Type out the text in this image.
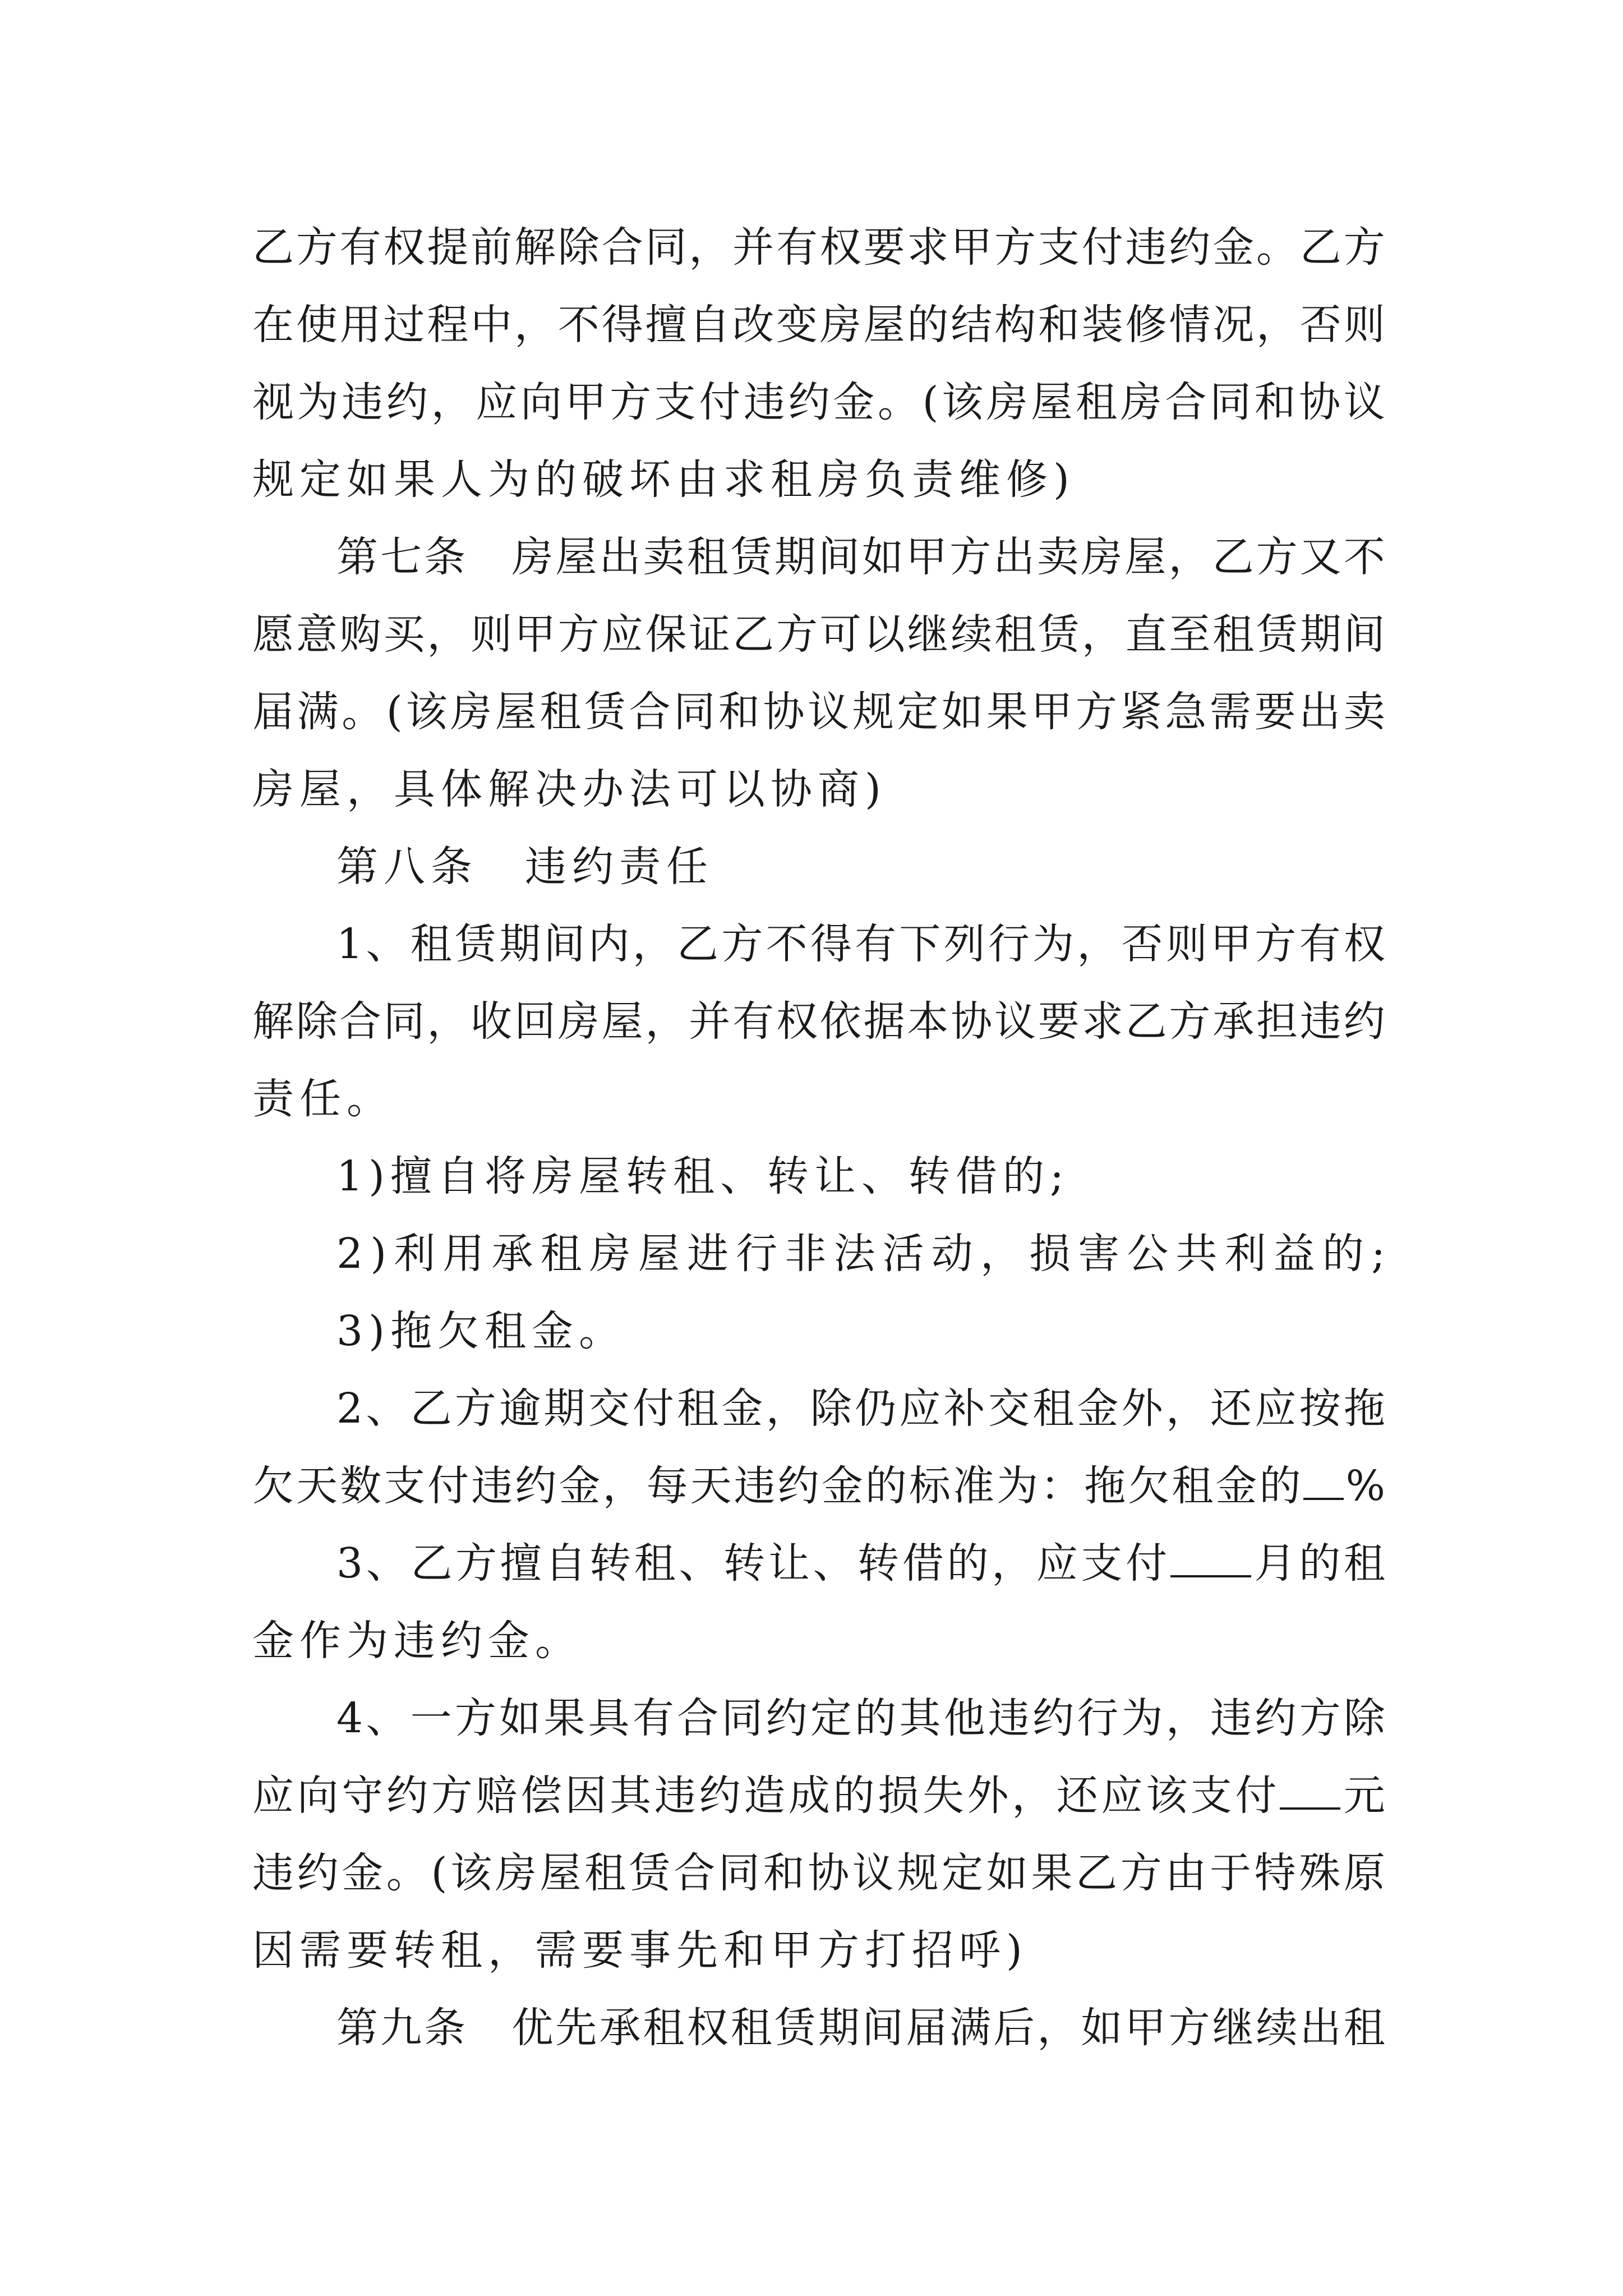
乙 方 有 权 提 前 解 除 合 同 ， 并 有 权 要 求 甲 方 支 付 违 约 金 。 乙 方
在 使 用 过 程 中 ， 不 得 擅 自 改 变 房 屋 的 结 构 和 装 修 情 况 ， 否 则
视 为 违 约 ， 应 向 甲 方 支 付 违 约 金 。 ( 该 房 屋 租 房 合 同 和 协 议
规 定 如 果 人 为 的 破 坏 由 求 租 房 负 责 维 修 )
第 七 条
　 房 屋 出 卖 租 赁 期 间 如 甲 方 出 卖 房 屋 ， 乙 方 又 不
愿 意 购 买 ， 则 甲 方 应 保 证 乙 方 可 以 继 续 租 赁 ， 直 至 租 赁 期 间
届 满 。 ( 该 房 屋 租 赁 合 同 和 协 议 规 定 如 果 甲 方 紧 急 需 要 出 卖
房 屋 ， 具 体 解 决 办 法 可 以 协 商 )
第 八 条
　 违 约 责 任
1 、 租 赁 期 间 内 ， 乙 方 不 得 有 下 列 行 为 ， 否 则 甲 方 有 权
解 除 合 同 ， 收 回 房 屋 ， 并 有 权 依 据 本 协 议 要 求 乙 方 承 担 违 约
责 任 。
1 ) 擅 自 将 房 屋 转 租 、 转 让 、 转 借 的 ;
2 ) 利 用 承 租 房 屋 进 行 非 法 活 动 ， 损 害 公 共 利 益 的 ;
3 ) 拖 欠 租 金 。
2 、 乙 方 逾 期 交 付 租 金 ， 除 仍 应 补 交 租 金 外 ， 还 应 按 拖
欠 天 数 支 付 违 约 金 ， 每 天 违 约 金 的 标 准 为 ： 拖 欠 租 金 的 %
3 、 乙 方 擅 自 转 租 、 转 让 、 转 借 的 ， 应 支 付 月 的 租
金 作 为 违 约 金 。
4 、 一 方 如 果 具 有 合 同 约 定 的 其 他 违 约 行 为 ， 违 约 方 除
应 向 守 约 方 赔 偿 因 其 违 约 造 成 的 损 失 外 ， 还 应 该 支 付 元
违 约 金 。 ( 该 房 屋 租 赁 合 同 和 协 议 规 定 如 果 乙 方 由 于 特 殊 原
因 需 要 转 租 ， 需 要 事 先 和 甲 方 打 招 呼 )
第 九 条
　 优 先 承 租 权 租 赁 期 间 届 满 后 ， 如 甲 方 继 续 出 租
